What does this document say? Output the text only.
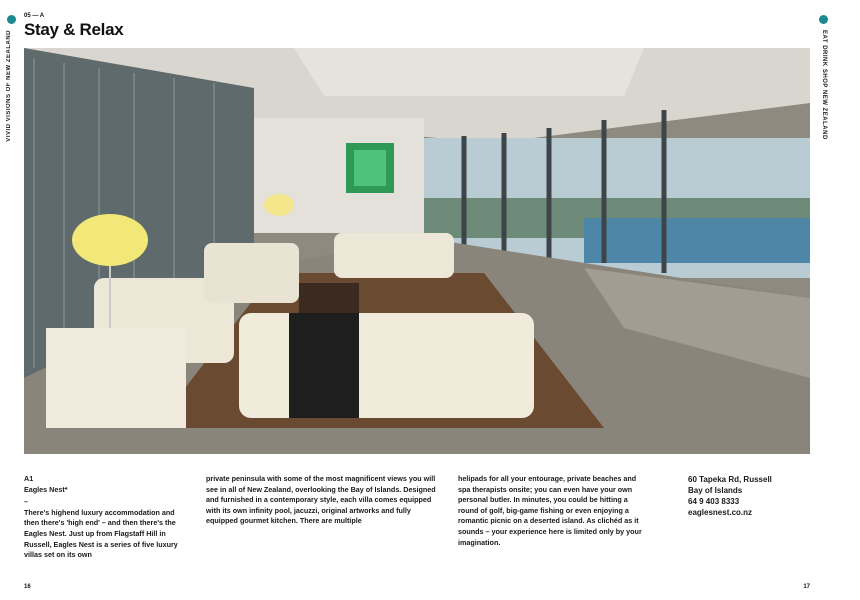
VIVID VISIONS OF NEW ZEALAND	EAT DRINK SHOP NEW ZEALAND
05 — A
Stay & Relax
A1
Eagles Nest*
–

There's highend luxury accommodation and then there's 'high end' – and then there's the Eagles Nest. Just up from Flagstaff Hill in Russell, Eagles Nest is a series of five luxury villas set on its own

private peninsula with some of the most magnificent views you will see in all of New Zealand, overlooking the Bay of Islands. Designed and furnished in a contemporary style, each villa comes equipped with its own infinity pool, jacuzzi, original artworks and fully equipped gourmet kitchen. There are multiple

helipads for all your entourage, private beaches and spa therapists onsite; you can even have your own personal butler. In minutes, you could be hitting a round of golf, big-game fishing or even enjoying a romantic picnic on a deserted island. As clichéd as it sounds – your experience here is limited only by your imagination.

60 Tapeka Rd, Russell
Bay of Islands
64 9 403 8333
eaglesnest.co.nz
16	17
